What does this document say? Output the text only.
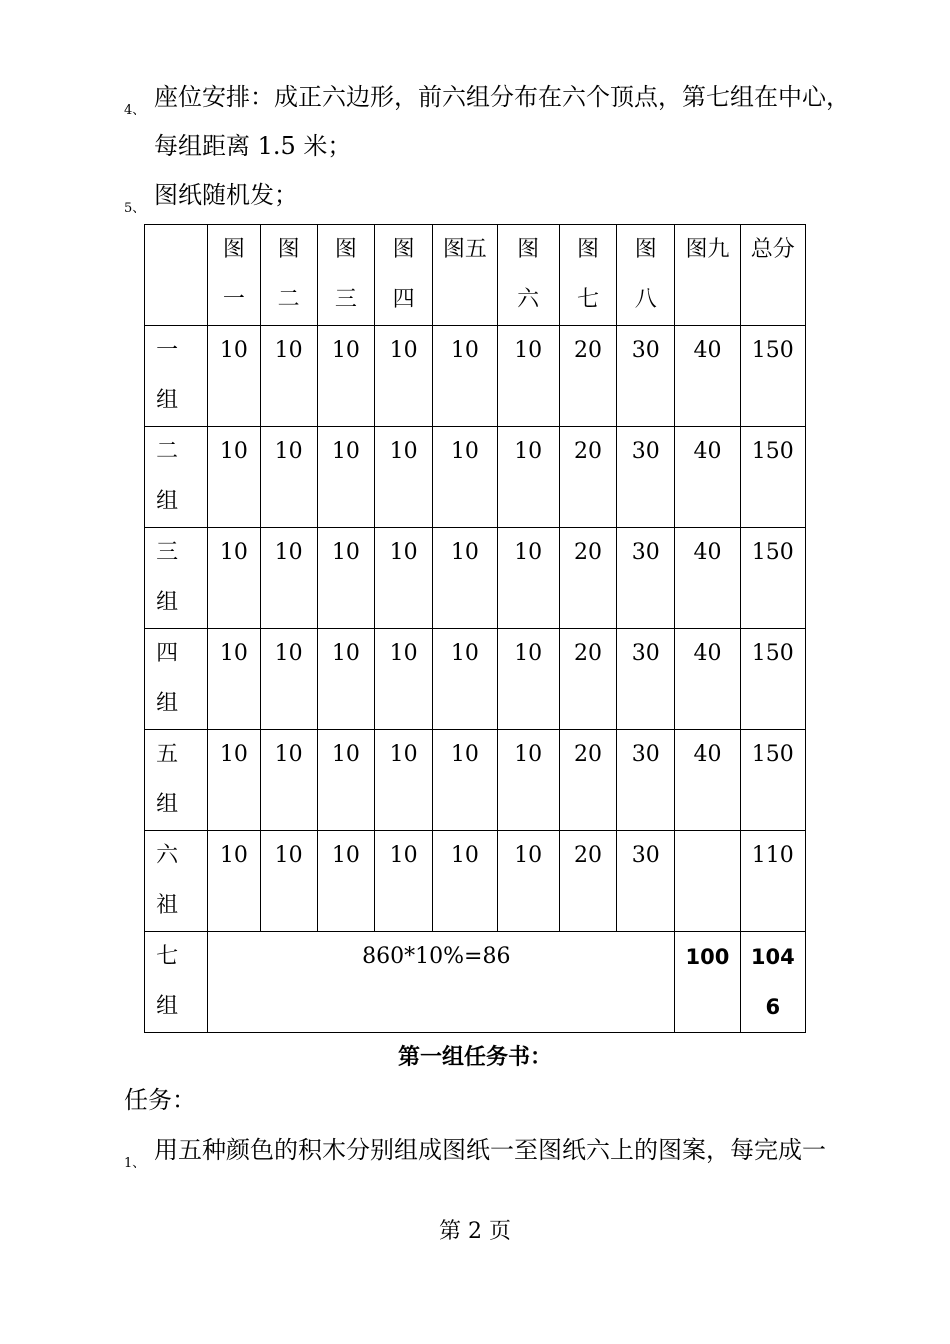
4、 座位安排：成正六边形，前六组分布在六个顶点，第七组在中心，
每组距离 1.5 米；
5、 图纸随机发；
	图一	图二	图三	图四	图五	图六	图七	图八	图九	总分
一组	10	10	10	10	10	10	20	30	40	150
二组	10	10	10	10	10	10	20	30	40	150
三组	10	10	10	10	10	10	20	30	40	150
四组	10	10	10	10	10	10	20	30	40	150
五组	10	10	10	10	10	10	20	30	40	150
六祖	10	10	10	10	10	10	20	30		110
七组	860*10%=86								100	1046
第一组任务书：
任务：
1、 用五种颜色的积木分别组成图纸一至图纸六上的图案，每完成一
第 2 页
